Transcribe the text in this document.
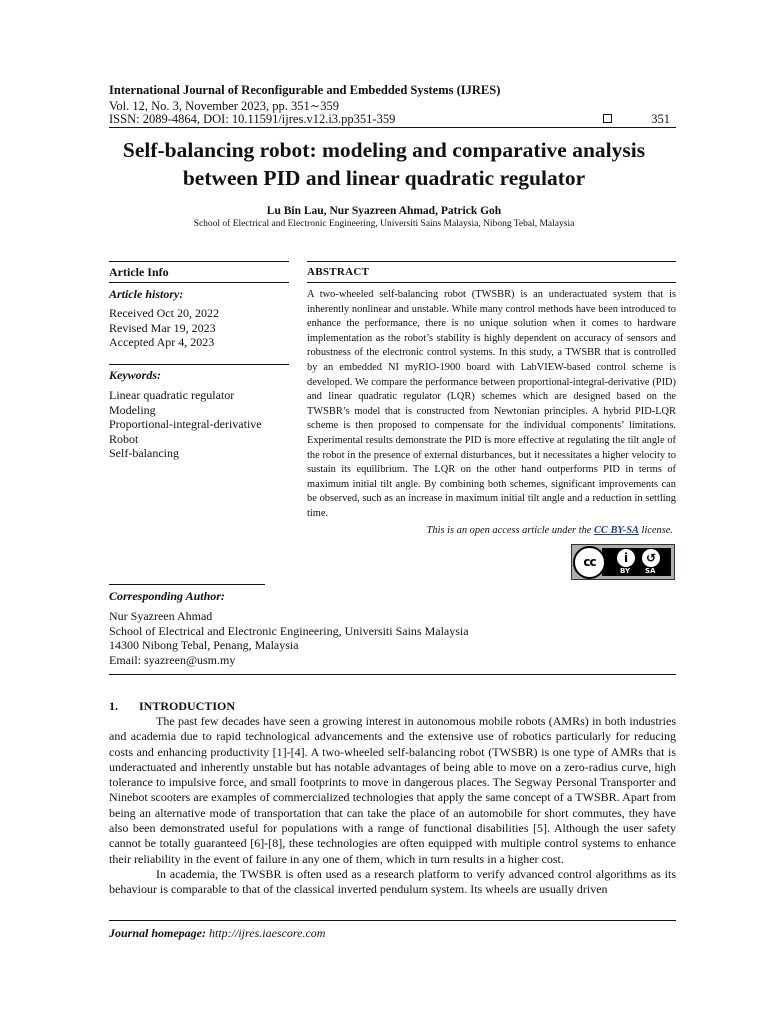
International Journal of Reconfigurable and Embedded Systems (IJRES)
Vol. 12, No. 3, November 2023, pp. 351∼359
ISSN: 2089-4864, DOI: 10.11591/ijres.v12.i3.pp351-359	351
Self-balancing robot: modeling and comparative analysis
between PID and linear quadratic regulator
Lu Bin Lau, Nur Syazreen Ahmad, Patrick Goh
School of Electrical and Electronic Engineering, Universiti Sains Malaysia, Nibong Tebal, Malaysia
Article Info
Article history:
Received Oct 20, 2022
Revised Mar 19, 2023
Accepted Apr 4, 2023
Keywords:
Linear quadratic regulator
Modeling
Proportional-integral-derivative
Robot
Self-balancing
ABSTRACT
A two-wheeled self-balancing robot (TWSBR) is an underactuated system that is inherently nonlinear and unstable. While many control methods have been introduced to enhance the performance, there is no unique solution when it comes to hardware implementation as the robot’s stability is highly dependent on accuracy of sensors and robustness of the electronic control systems. In this study, a TWSBR that is controlled by an embedded NI myRIO-1900 board with LabVIEW-based control scheme is developed. We compare the performance between proportional-integral-derivative (PID) and linear quadratic regulator (LQR) schemes which are designed based on the TWSBR’s model that is constructed from Newtonian principles. A hybrid PID-LQR scheme is then proposed to compensate for the individual components’ limitations. Experimental results demonstrate the PID is more effective at regulating the tilt angle of the robot in the presence of external disturbances, but it necessitates a higher velocity to sustain its equilibrium. The LQR on the other hand outperforms PID in terms of maximum initial tilt angle. By combining both schemes, significant improvements can be observed, such as an increase in maximum initial tilt angle and a reduction in settling time.
This is an open access article under the CC BY-SA license.
cc	i	↺
BY SA
Corresponding Author:
Nur Syazreen Ahmad
School of Electrical and Electronic Engineering, Universiti Sains Malaysia
14300 Nibong Tebal, Penang, Malaysia
Email: syazreen@usm.my
1.       INTRODUCTION

The past few decades have seen a growing interest in autonomous mobile robots (AMRs) in both industries and academia due to rapid technological advancements and the extensive use of robotics particularly for reducing costs and enhancing productivity [1]-[4]. A two-wheeled self-balancing robot (TWSBR) is one type of AMRs that is underactuated and inherently unstable but has notable advantages of being able to move on a zero-radius curve, high tolerance to impulsive force, and small footprints to move in dangerous places. The Segway Personal Transporter and Ninebot scooters are examples of commercialized technologies that apply the same concept of a TWSBR. Apart from being an alternative mode of transportation that can take the place of an automobile for short commutes, they have also been demonstrated useful for populations with a range of functional disabilities [5]. Although the user safety cannot be totally guaranteed [6]-[8], these technologies are often equipped with multiple control systems to enhance their reliability in the event of failure in any one of them, which in turn results in a higher cost.

In academia, the TWSBR is often used as a research platform to verify advanced control algorithms as its behaviour is comparable to that of the classical inverted pendulum system. Its wheels are usually driven

Journal homepage: http://ijres.iaescore.com
